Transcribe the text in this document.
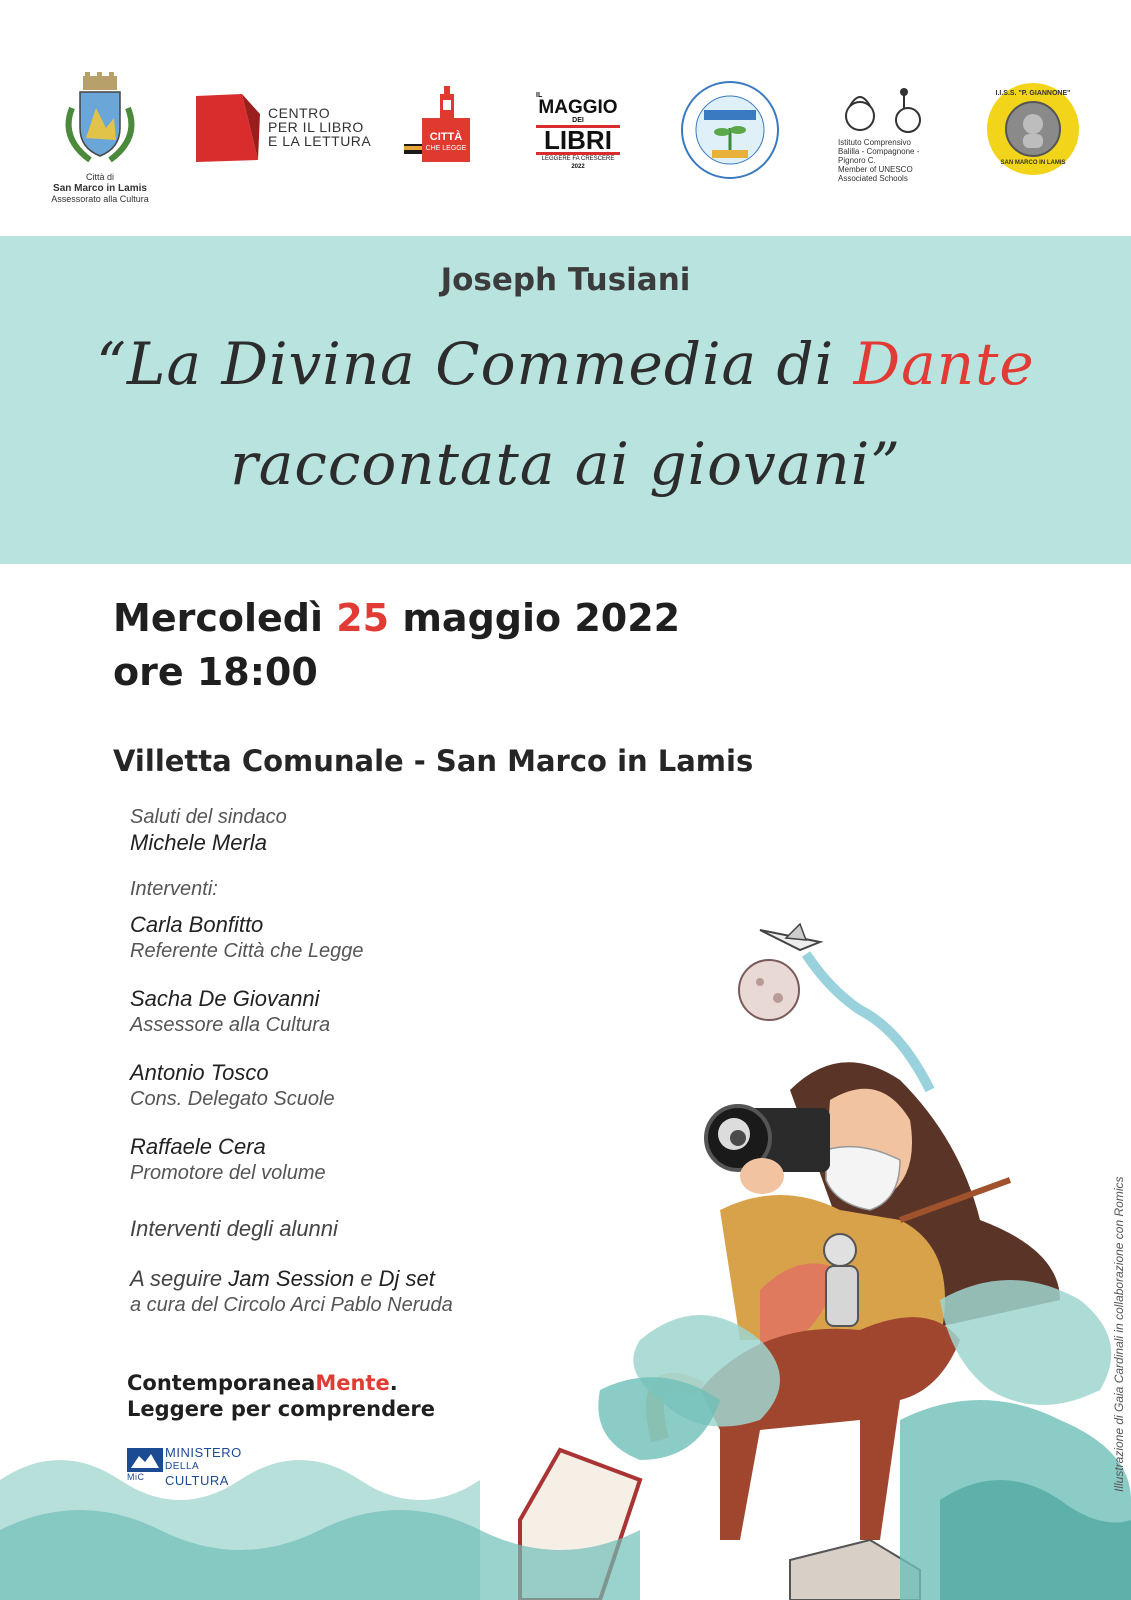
Città di
San Marco in Lamis
Assessorato alla Cultura
CENTRO
PER IL LIBRO
E LA LETTURA	CITTÀ
CHE LEGGE
IL
MAGGIO
DEI
LIBRI
LEGGERE FA CRESCERE
2022
Istituto Comprensivo
Balilla - Compagnone - Pignoro C.
Member of UNESCO
Associated Schools
I.I.S.S. "P. GIANNONE"
SAN MARCO IN LAMIS
Joseph Tusiani
“La Divina Commedia di Dante
raccontata ai giovani”
Mercoledì 25 maggio 2022
ore 18:00
Villetta Comunale - San Marco in Lamis
Saluti del sindaco
Michele Merla
Interventi:
Carla Bonfitto
Referente Città che Legge
Sacha De Giovanni
Assessore alla Cultura
Antonio Tosco
Cons. Delegato Scuole
Raffaele Cera
Promotore del volume
Interventi degli alunni
A seguire Jam Session e Dj set
a cura del Circolo Arci Pablo Neruda
ContemporaneaMente.
Leggere per comprendere
MiC
MINISTERO
DELLA
CULTURA	Illustrazione di Gaia Cardinali in collaborazione con Romics
